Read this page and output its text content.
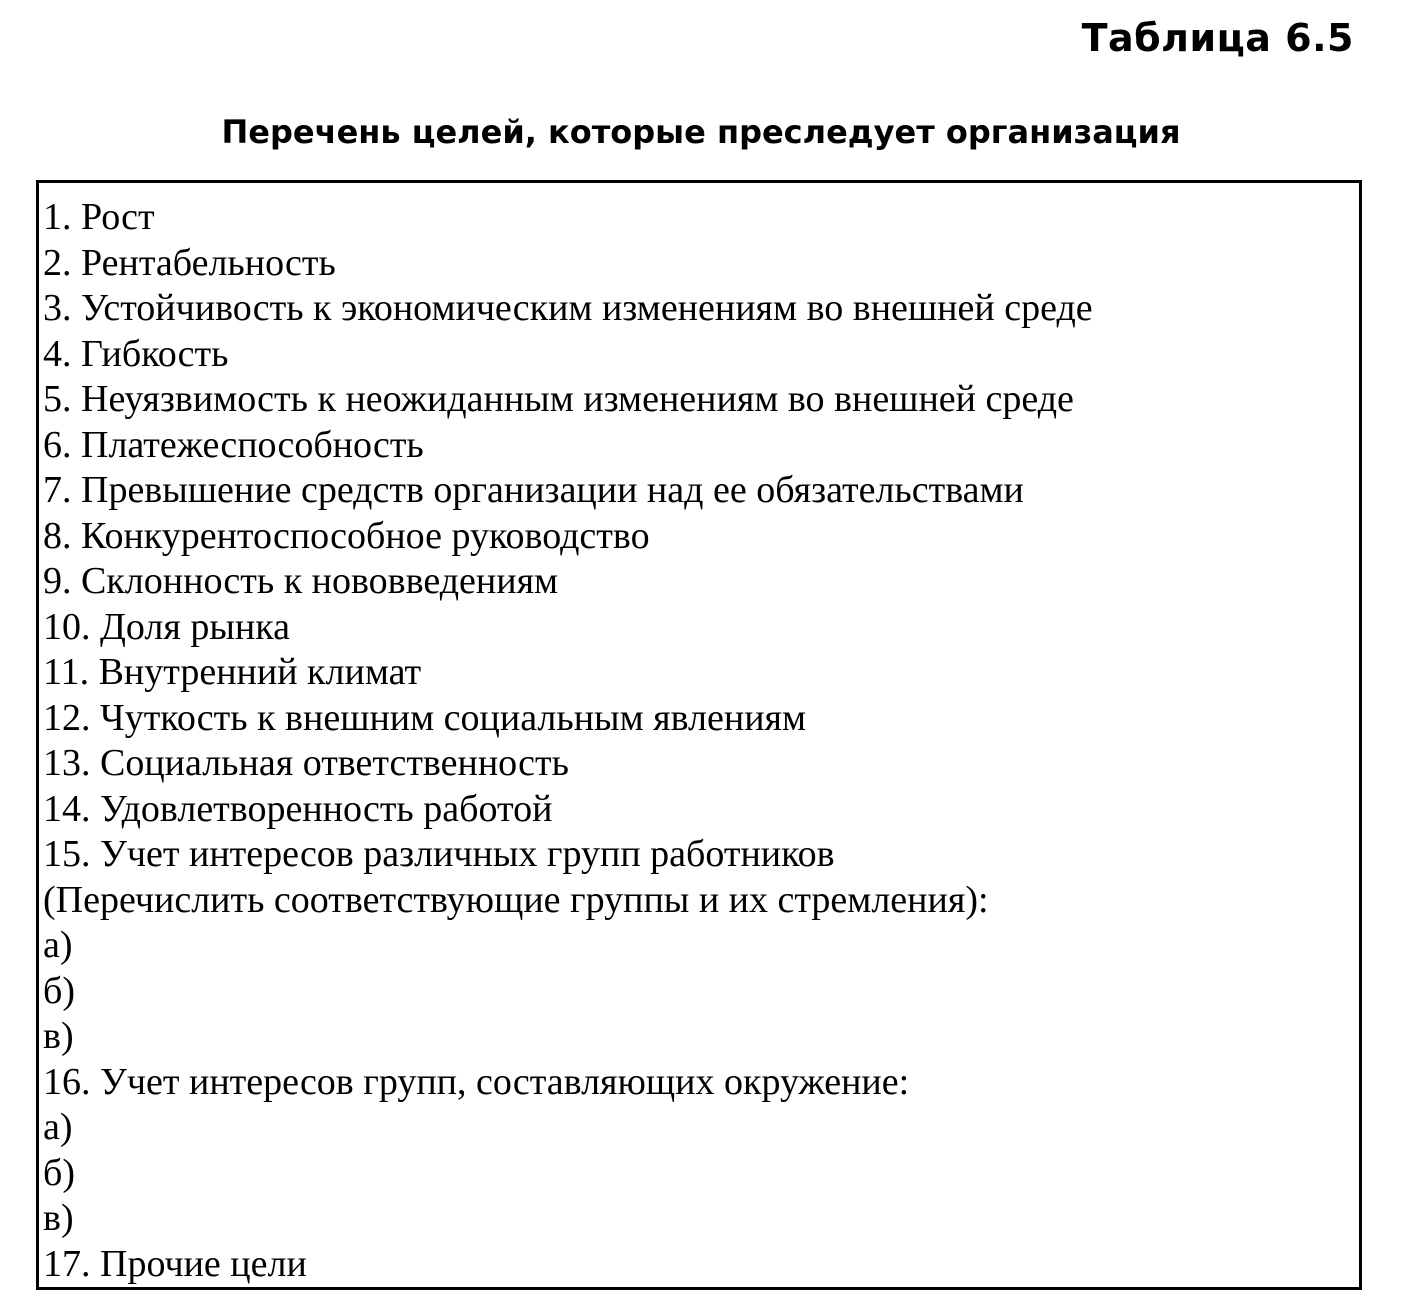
Таблица 6.5
Перечень целей, которые преследует организация
1. Рост
2. Рентабельность
3. Устойчивость к экономическим изменениям во внешней среде
4. Гибкость
5. Неуязвимость к неожиданным изменениям во внешней среде
6. Платежеспособность
7. Превышение средств организации над ее обязательствами
8. Конкурентоспособное руководство
9. Склонность к нововведениям
10. Доля рынка
11. Внутренний климат
12. Чуткость к внешним социальным явлениям
13. Социальная ответственность
14. Удовлетворенность работой
15. Учет интересов различных групп работников
(Перечислить соответствующие группы и их стремления):
а)
б)
в)
16. Учет интересов групп, составляющих окружение:
а)
б)
в)
17. Прочие цели
